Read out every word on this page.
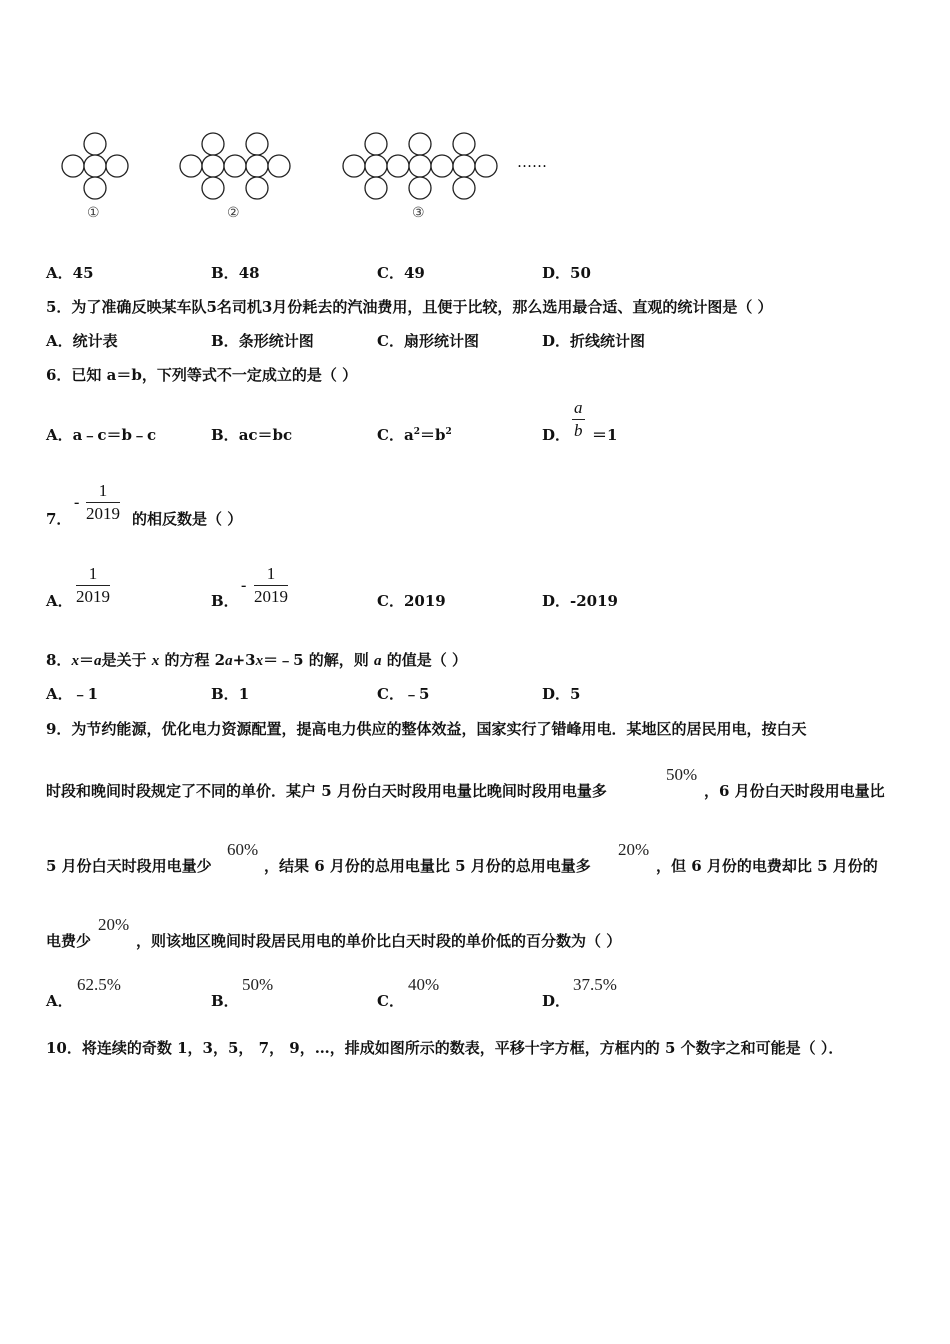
①	②	③
……
A．45	B．48	C．49	D．50
5．为了准确反映某车队5名司机3月份耗去的汽油费用，且便于比较，那么选用最合适、直观的统计图是（ ）
A．统计表	B．条形统计图	C．扇形统计图	D．折线统计图
6．已知 a＝b，下列等式不一定成立的是（ ）
A．a﹣c＝b﹣c	B．ac＝bc	C．$a^2=b^2$	D． $\frac{a}{b} =1$
7．
- $\frac{1}{2019}$ 的相反数是（ ）
A． $\frac{1}{2019}$	B．
- $\frac{1}{2019}$	C．2019	D．-2019
8．x＝a是关于 x 的方程 2a+3x＝﹣5 的解，则 a 的值是（ ）
A．﹣1	B．1	C．﹣5	D．5
9．为节约能源，优化电力资源配置，提高电力供应的整体效益，国家实行了错峰用电．某地区的居民用电，按白天
时段和晚间时段规定了不同的单价．某户 5 月份白天时段用电量比晚间时段用电量多
50%
，6 月份白天时段用电量比
5 月份白天时段用电量少
60%
，结果 6 月份的总用电量比 5 月份的总用电量多
20%
，但 6 月份的电费却比 5 月份的
电费少
20%
，则该地区晚间时段居民用电的单价比白天时段的单价低的百分数为（ ）
A．
62.5%
B．
50%
C．
40%
D．
37.5%
10．将连续的奇数 1，3，5， 7， 9，…，排成如图所示的数表，平移十字方框，方框内的 5 个数字之和可能是（ ）．
